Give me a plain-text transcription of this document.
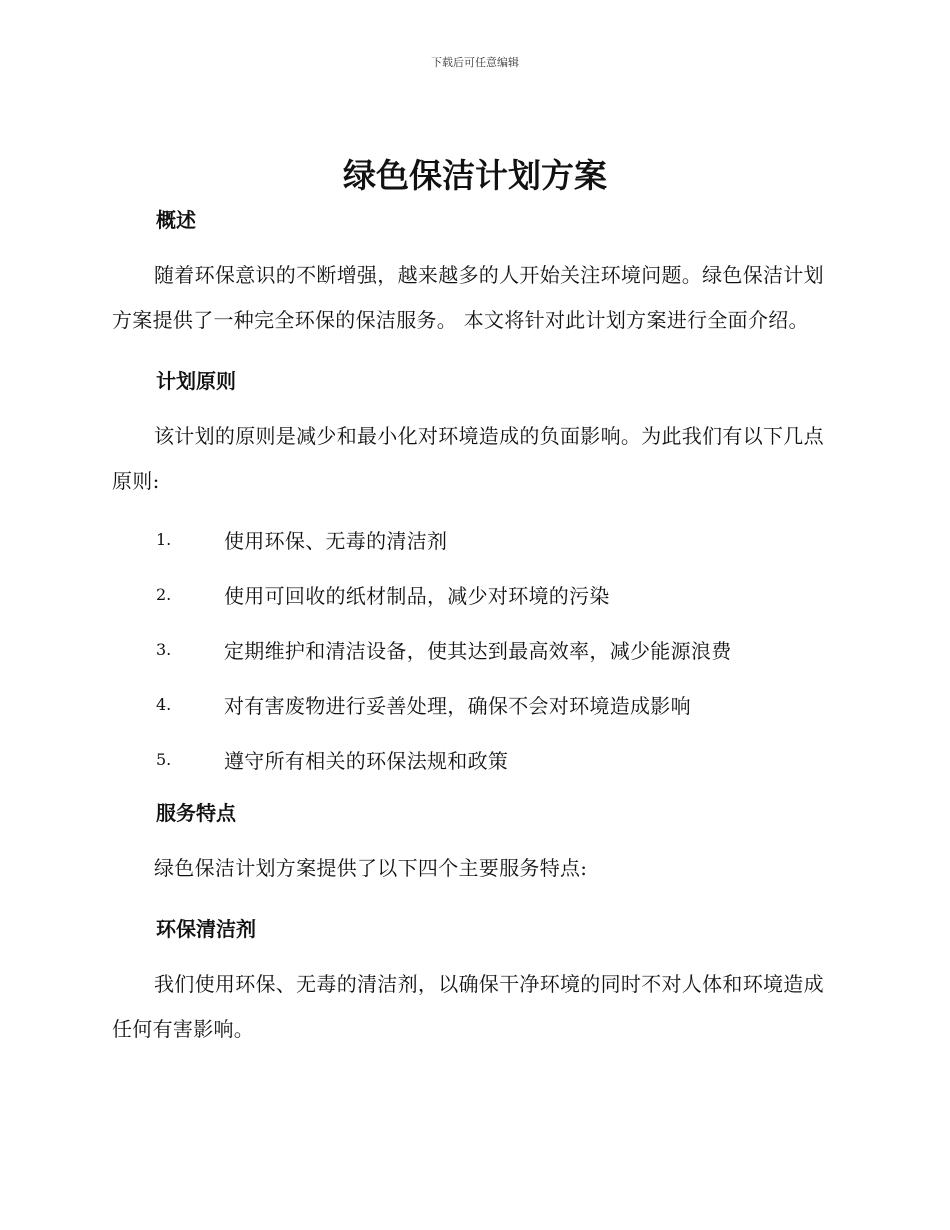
下载后可任意编辑
绿色保洁计划方案
概述

随着环保意识的不断增强，越来越多的人开始关注环境问题。绿色保洁计划方案提供了一种完全环保的保洁服务。 本文将针对此计划方案进行全面介绍。

计划原则

该计划的原则是减少和最小化对环境造成的负面影响。为此我们有以下几点原则:

1.	使用环保、无毒的清洁剂
2.	使用可回收的纸材制品，减少对环境的污染
3.	定期维护和清洁设备，使其达到最高效率，减少能源浪费
4.	对有害废物进行妥善处理，确保不会对环境造成影响
5.	遵守所有相关的环保法规和政策
服务特点

绿色保洁计划方案提供了以下四个主要服务特点:

环保清洁剂

我们使用环保、无毒的清洁剂，以确保干净环境的同时不对人体和环境造成任何有害影响。
